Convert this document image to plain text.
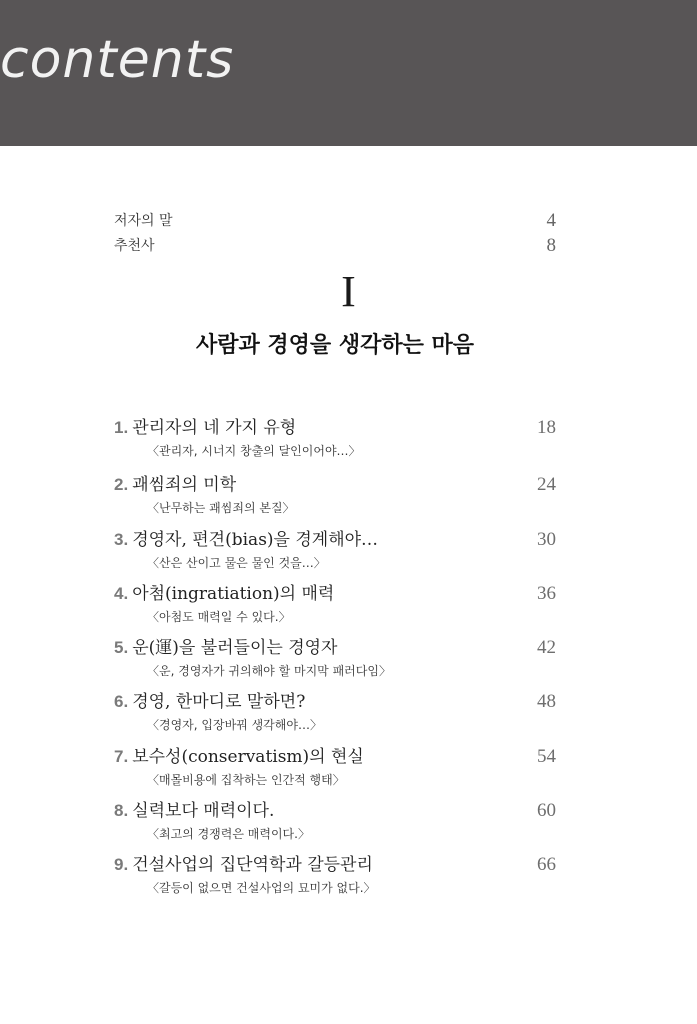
contents
저자의 말	4
추천사	8
I
사람과 경영을 생각하는 마음
1. 관리자의 네 가지 유형	18
〈관리자, 시너지 창출의 달인이어야…〉
2. 괘씸죄의 미학	24
〈난무하는 괘씸죄의 본질〉
3. 경영자, 편견(bias)을 경계해야…	30
〈산은 산이고 물은 물인 것을…〉
4. 아첨(ingratiation)의 매력	36
〈아첨도 매력일 수 있다.〉
5. 운(運)을 불러들이는 경영자	42
〈운, 경영자가 귀의해야 할 마지막 패러다임〉
6. 경영, 한마디로 말하면?	48
〈경영자, 입장바꿔 생각해야…〉
7. 보수성(conservatism)의 현실	54
〈매몰비용에 집착하는 인간적 행태〉
8. 실력보다 매력이다.	60
〈최고의 경쟁력은 매력이다.〉
9. 건설사업의 집단역학과 갈등관리	66
〈갈등이 없으면 건설사업의 묘미가 없다.〉
